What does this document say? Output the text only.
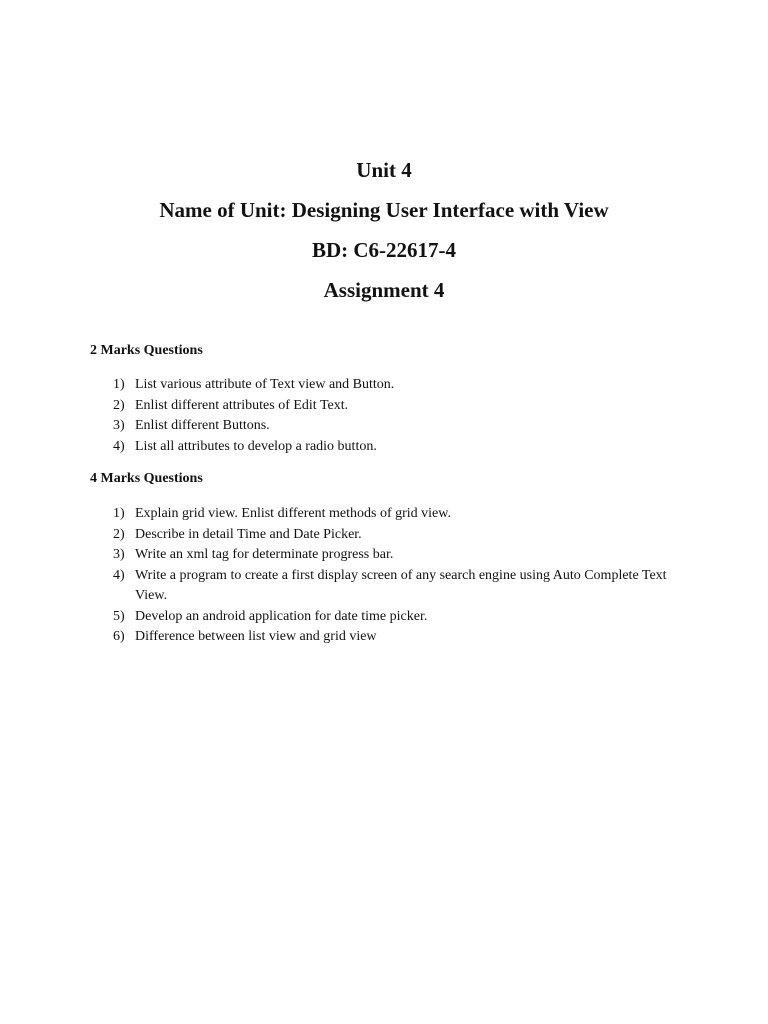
Unit 4
Name of Unit: Designing User Interface with View
BD: C6-22617-4
Assignment 4

2 Marks Questions

1) List various attribute of Text view and Button.
2) Enlist different attributes of Edit Text.
3) Enlist different Buttons.
4) List all attributes to develop a radio button.

4 Marks Questions

1) Explain grid view. Enlist different methods of grid view.
2) Describe in detail Time and Date Picker.
3) Write an xml tag for determinate progress bar.
4) Write a program to create a first display screen of any search engine using Auto Complete Text View.
5) Develop an android application for date time picker.
6) Difference between list view and grid view
